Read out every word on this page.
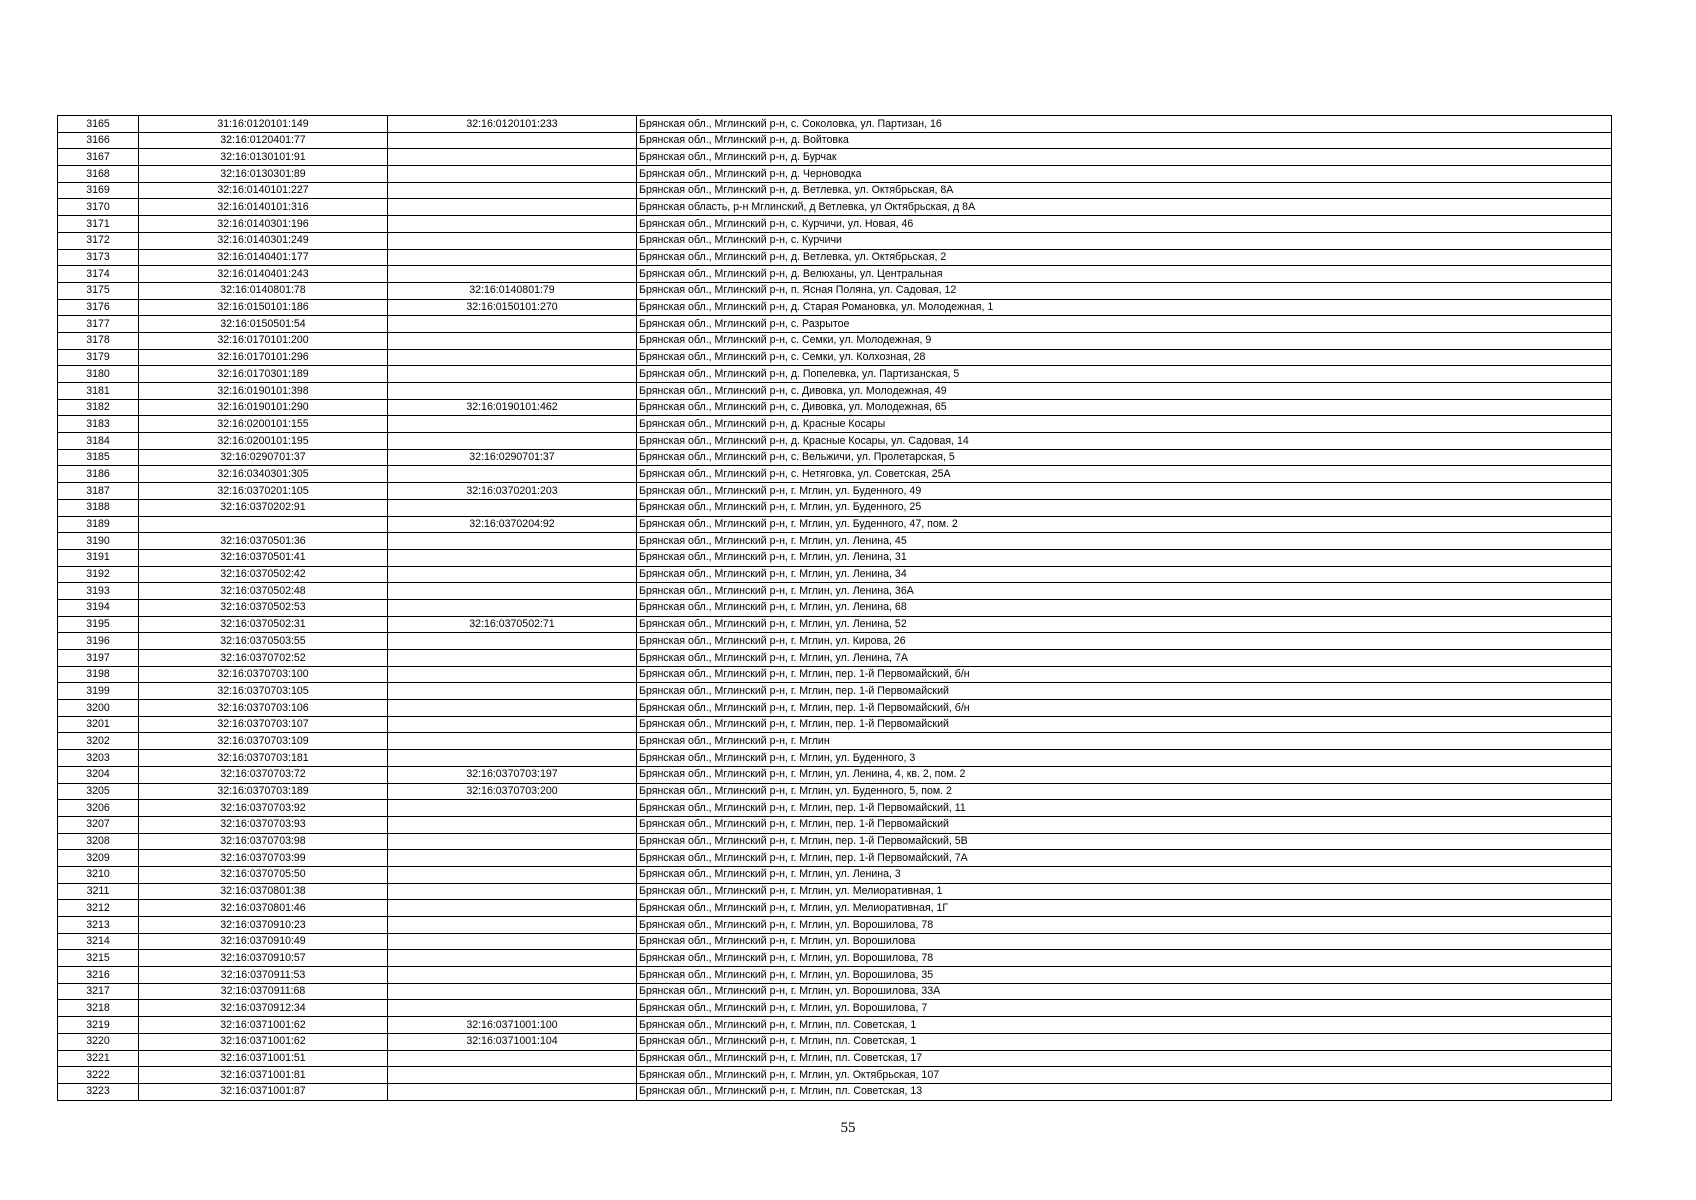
3165	31:16:0120101:149	32:16:0120101:233	Брянская обл., Мглинский р-н, с. Соколовка, ул. Партизан, 16
3166	32:16:0120401:77		Брянская обл., Мглинский р-н, д. Войтовка
3167	32:16:0130101:91		Брянская обл., Мглинский р-н, д. Бурчак
3168	32:16:0130301:89		Брянская обл., Мглинский р-н, д. Черноводка
3169	32:16:0140101:227		Брянская обл., Мглинский р-н, д. Ветлевка, ул. Октябрьская, 8А
3170	32:16:0140101:316		Брянская область, р-н Мглинский, д Ветлевка, ул Октябрьская, д 8А
3171	32:16:0140301:196		Брянская обл., Мглинский р-н, с. Курчичи, ул. Новая, 46
3172	32:16:0140301:249		Брянская обл., Мглинский р-н, с. Курчичи
3173	32:16:0140401:177		Брянская обл., Мглинский р-н, д. Ветлевка, ул. Октябрьская, 2
3174	32:16:0140401:243		Брянская обл., Мглинский р-н, д. Велюханы, ул. Центральная
3175	32:16:0140801:78	32:16:0140801:79	Брянская обл., Мглинский р-н, п. Ясная Поляна, ул. Садовая, 12
3176	32:16:0150101:186	32:16:0150101:270	Брянская обл., Мглинский р-н, д. Старая Романовка, ул. Молодежная, 1
3177	32:16:0150501:54		Брянская обл., Мглинский р-н, с. Разрытое
3178	32:16:0170101:200		Брянская обл., Мглинский р-н, с. Семки, ул. Молодежная, 9
3179	32:16:0170101:296		Брянская обл., Мглинский р-н, с. Семки, ул. Колхозная, 28
3180	32:16:0170301:189		Брянская обл., Мглинский р-н, д. Попелевка, ул. Партизанская, 5
3181	32:16:0190101:398		Брянская обл., Мглинский р-н, с. Дивовка, ул. Молодежная, 49
3182	32:16:0190101:290	32:16:0190101:462	Брянская обл., Мглинский р-н, с. Дивовка, ул. Молодежная, 65
3183	32:16:0200101:155		Брянская обл., Мглинский р-н, д. Красные Косары
3184	32:16:0200101:195		Брянская обл., Мглинский р-н, д. Красные Косары, ул. Садовая, 14
3185	32:16:0290701:37	32:16:0290701:37	Брянская обл., Мглинский р-н, с. Вельжичи, ул. Пролетарская, 5
3186	32:16:0340301:305		Брянская обл., Мглинский р-н, с. Нетяговка, ул. Советская, 25А
3187	32:16:0370201:105	32:16:0370201:203	Брянская обл., Мглинский р-н, г. Мглин, ул. Буденного, 49
3188	32:16:0370202:91		Брянская обл., Мглинский р-н, г. Мглин, ул. Буденного, 25
3189		32:16:0370204:92	Брянская обл., Мглинский р-н, г. Мглин, ул. Буденного, 47, пом. 2
3190	32:16:0370501:36		Брянская обл., Мглинский р-н, г. Мглин, ул. Ленина, 45
3191	32:16:0370501:41		Брянская обл., Мглинский р-н, г. Мглин, ул. Ленина, 31
3192	32:16:0370502:42		Брянская обл., Мглинский р-н, г. Мглин, ул. Ленина, 34
3193	32:16:0370502:48		Брянская обл., Мглинский р-н, г. Мглин, ул. Ленина, 36А
3194	32:16:0370502:53		Брянская обл., Мглинский р-н, г. Мглин, ул. Ленина, 68
3195	32:16:0370502:31	32:16:0370502:71	Брянская обл., Мглинский р-н, г. Мглин, ул. Ленина, 52
3196	32:16:0370503:55		Брянская обл., Мглинский р-н, г. Мглин, ул. Кирова, 26
3197	32:16:0370702:52		Брянская обл., Мглинский р-н, г. Мглин, ул. Ленина, 7А
3198	32:16:0370703:100		Брянская обл., Мглинский р-н, г. Мглин, пер. 1-й Первомайский, б/н
3199	32:16:0370703:105		Брянская обл., Мглинский р-н, г. Мглин, пер. 1-й Первомайский
3200	32:16:0370703:106		Брянская обл., Мглинский р-н, г. Мглин, пер. 1-й Первомайский, б/н
3201	32:16:0370703:107		Брянская обл., Мглинский р-н, г. Мглин, пер. 1-й Первомайский
3202	32:16:0370703:109		Брянская обл., Мглинский р-н, г. Мглин
3203	32:16:0370703:181		Брянская обл., Мглинский р-н, г. Мглин, ул. Буденного, 3
3204	32:16:0370703:72	32:16:0370703:197	Брянская обл., Мглинский р-н, г. Мглин, ул. Ленина, 4, кв. 2, пом. 2
3205	32:16:0370703:189	32:16:0370703:200	Брянская обл., Мглинский р-н, г. Мглин, ул. Буденного, 5, пом. 2
3206	32:16:0370703:92		Брянская обл., Мглинский р-н, г. Мглин, пер. 1-й Первомайский, 11
3207	32:16:0370703:93		Брянская обл., Мглинский р-н, г. Мглин, пер. 1-й Первомайский
3208	32:16:0370703:98		Брянская обл., Мглинский р-н, г. Мглин, пер. 1-й Первомайский, 5В
3209	32:16:0370703:99		Брянская обл., Мглинский р-н, г. Мглин, пер. 1-й Первомайский, 7А
3210	32:16:0370705:50		Брянская обл., Мглинский р-н, г. Мглин, ул. Ленина, 3
3211	32:16:0370801:38		Брянская обл., Мглинский р-н, г. Мглин, ул. Мелиоративная, 1
3212	32:16:0370801:46		Брянская обл., Мглинский р-н, г. Мглин, ул. Мелиоративная, 1Г
3213	32:16:0370910:23		Брянская обл., Мглинский р-н, г. Мглин, ул. Ворошилова, 78
3214	32:16:0370910:49		Брянская обл., Мглинский р-н, г. Мглин, ул. Ворошилова
3215	32:16:0370910:57		Брянская обл., Мглинский р-н, г. Мглин, ул. Ворошилова, 78
3216	32:16:0370911:53		Брянская обл., Мглинский р-н, г. Мглин, ул. Ворошилова, 35
3217	32:16:0370911:68		Брянская обл., Мглинский р-н, г. Мглин, ул. Ворошилова, 33А
3218	32:16:0370912:34		Брянская обл., Мглинский р-н, г. Мглин, ул. Ворошилова, 7
3219	32:16:0371001:62	32:16:0371001:100	Брянская обл., Мглинский р-н, г. Мглин, пл. Советская, 1
3220	32:16:0371001:62	32:16:0371001:104	Брянская обл., Мглинский р-н, г. Мглин, пл. Советская, 1
3221	32:16:0371001:51		Брянская обл., Мглинский р-н, г. Мглин, пл. Советская, 17
3222	32:16:0371001:81		Брянская обл., Мглинский р-н, г. Мглин, ул. Октябрьская, 107
3223	32:16:0371001:87		Брянская обл., Мглинский р-н, г. Мглин, пл. Советская, 13
55
